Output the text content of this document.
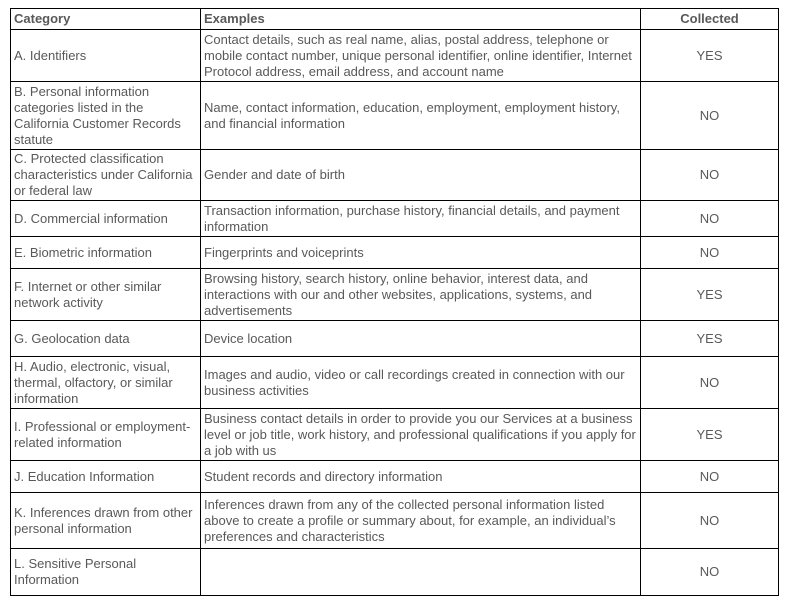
Category	Examples	Collected
A. Identifiers	Contact details, such as real name, alias, postal address, telephone or mobile contact number, unique personal identifier, online identifier, Internet Protocol address, email address, and account name	YES
B. Personal information categories listed in the California Customer Records statute	Name, contact information, education, employment, employment history, and financial information	NO
C. Protected classification characteristics under California or federal law	Gender and date of birth	NO
D. Commercial information	Transaction information, purchase history, financial details, and payment information	NO
E. Biometric information	Fingerprints and voiceprints	NO
F. Internet or other similar network activity	Browsing history, search history, online behavior, interest data, and interactions with our and other websites, applications, systems, and advertisements	YES
G. Geolocation data	Device location	YES
H. Audio, electronic, visual, thermal, olfactory, or similar information	Images and audio, video or call recordings created in connection with our business activities	NO
I. Professional or employment-related information	Business contact details in order to provide you our Services at a business level or job title, work history, and professional qualifications if you apply for a job with us	YES
J. Education Information	Student records and directory information	NO
K. Inferences drawn from other personal information	Inferences drawn from any of the collected personal information listed above to create a profile or summary about, for example, an individual’s preferences and characteristics	NO
L. Sensitive Personal Information		NO
